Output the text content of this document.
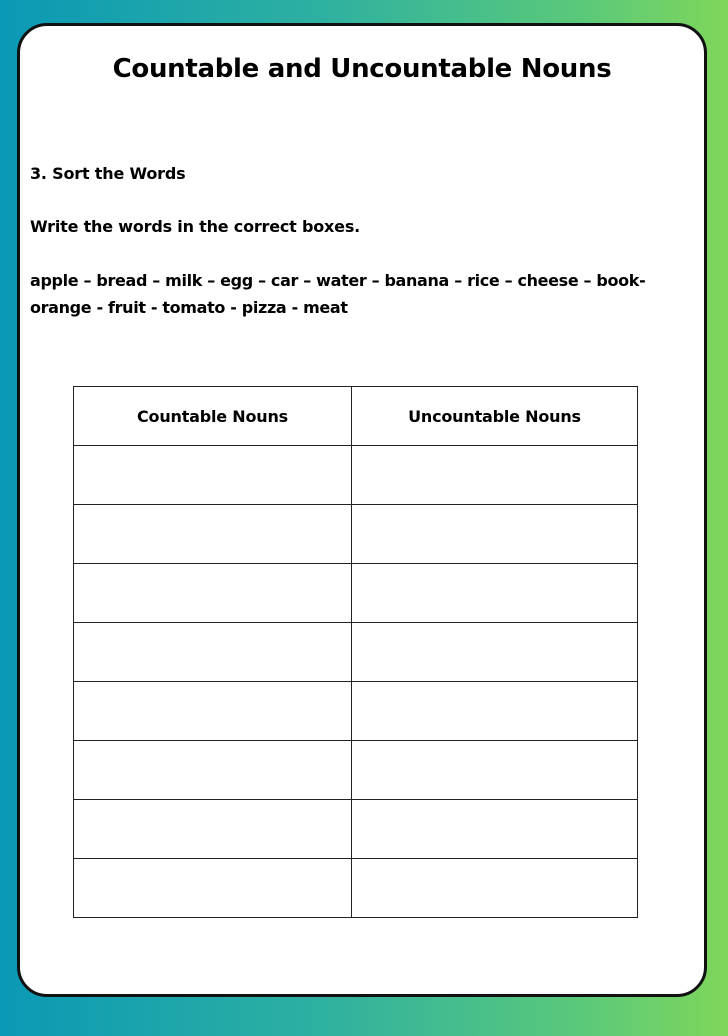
Countable and Uncountable Nouns

3. Sort the Words

Write the words in the correct boxes.

apple – bread – milk – egg – car – water – banana – rice – cheese – book-

orange - fruit - tomato - pizza - meat

Countable Nouns	Uncountable Nouns
